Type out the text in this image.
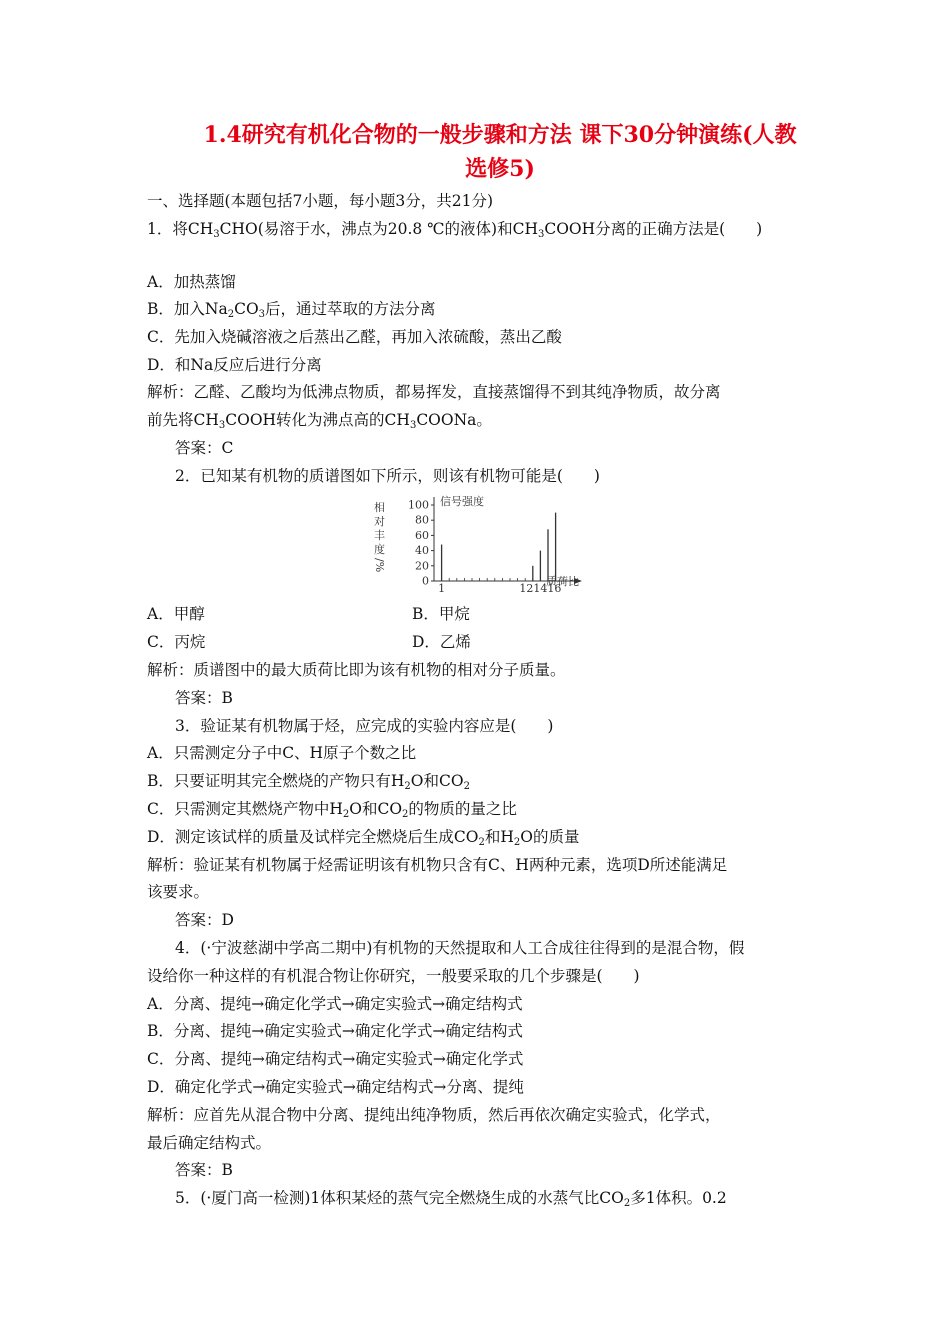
1.4研究有机化合物的一般步骤和方法 课下30分钟演练(人教
选修5)
一、选择题(本题包括7小题，每小题3分，共21分)
1．将$CH_3CHO$(易溶于水，沸点为20.8 ℃的液体)和$CH_3COOH$分离的正确方法是(　　)
A．加热蒸馏
B．加入$Na_2CO_3$后，通过萃取的方法分离
C．先加入烧碱溶液之后蒸出乙醛，再加入浓硫酸，蒸出乙酸
D．和Na反应后进行分离
解析：乙醛、乙酸均为低沸点物质，都易挥发，直接蒸馏得不到其纯净物质，故分离
前先将$CH_3COOH$转化为沸点高的$CH_3COONa$。
答案：C
2．已知某有机物的质谱图如下所示，则该有机物可能是(　　)
相
对
丰
度
/%
0
20
40
60
80
100 信号强度
质荷比
1	121416
A．甲醇	B．甲烷
C．丙烷	D．乙烯
解析：质谱图中的最大质荷比即为该有机物的相对分子质量。
答案：B
3．验证某有机物属于烃，应完成的实验内容应是(　　)
A．只需测定分子中C、H原子个数之比
B．只要证明其完全燃烧的产物只有$H_2O$和$CO_2$
C．只需测定其燃烧产物中$H_2O$和$CO_2$的物质的量之比
D．测定该试样的质量及试样完全燃烧后生成$CO_2$和$H_2O$的质量
解析：验证某有机物属于烃需证明该有机物只含有C、H两种元素，选项D所述能满足
该要求。
答案：D
4．(·宁波慈湖中学高二期中)有机物的天然提取和人工合成往往得到的是混合物，假
设给你一种这样的有机混合物让你研究，一般要采取的几个步骤是(　　)
A．分离、提纯→确定化学式→确定实验式→确定结构式
B．分离、提纯→确定实验式→确定化学式→确定结构式
C．分离、提纯→确定结构式→确定实验式→确定化学式
D．确定化学式→确定实验式→确定结构式→分离、提纯
解析：应首先从混合物中分离、提纯出纯净物质，然后再依次确定实验式，化学式，
最后确定结构式。
答案：B
5．(·厦门高一检测)1体积某烃的蒸气完全燃烧生成的水蒸气比$CO_2$多1体积。0.2
